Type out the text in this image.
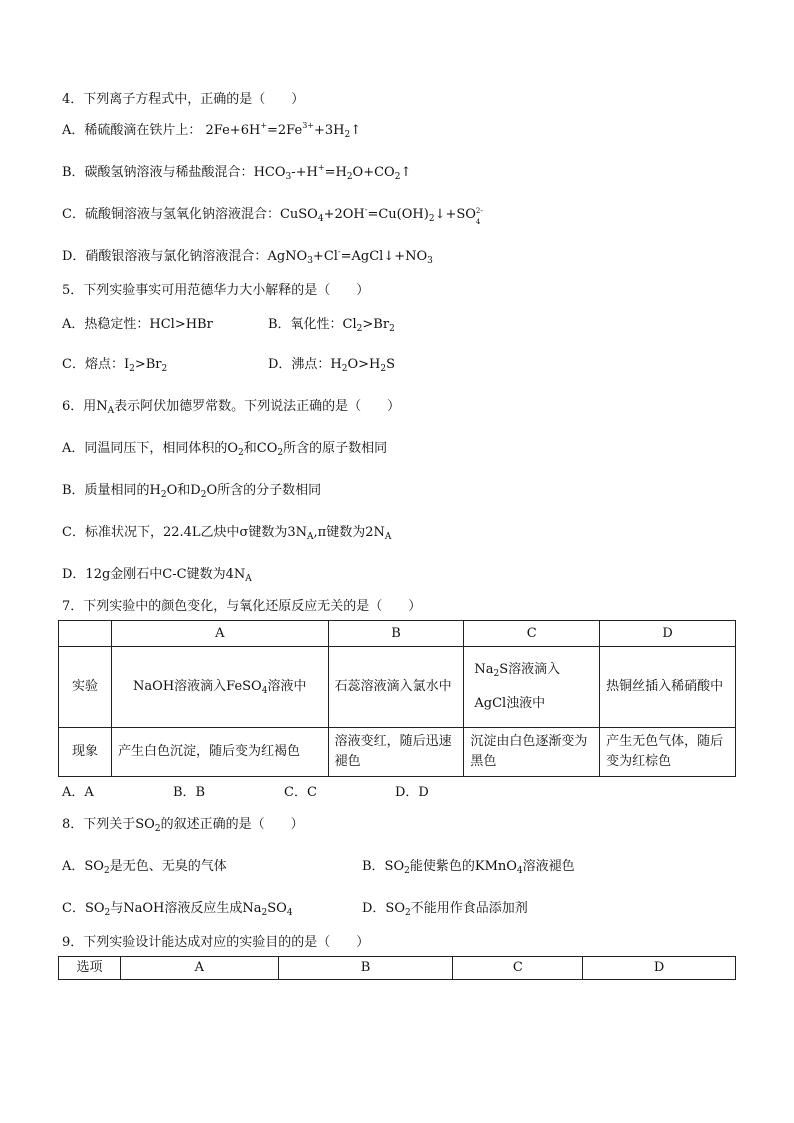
4．下列离子方程式中，正确的是（　　）
A．稀硫酸滴在铁片上： $2Fe+6H^+=2Fe^{3+}+3H_2↑$
B．碳酸氢钠溶液与稀盐酸混合：$HCO_3-+H^+=H_2O+CO_2↑$
C．硫酸铜溶液与氢氧化钠溶液混合：$CuSO_4+2OH^-=Cu(OH)_2↓+SO$ 2-
4
D．硝酸银溶液与氯化钠溶液混合：$AgNO_3+Cl^-=AgCl↓+NO_3$
5．下列实验事实可用范德华力大小解释的是（　　）
A．热稳定性：HCl>HBr	B．氧化性：$Cl_2>Br_2$
C．熔点：$I_2>Br_2$	D．沸点：$H_2O>H_2S$
6．用$N_A$表示阿伏加德罗常数。下列说法正确的是（　　）
A．同温同压下，相同体积的$O_2$和$CO_2$所含的原子数相同
B．质量相同的$H_2O$和$D_2O$所含的分子数相同
C．标准状况下，22.4L乙炔中σ键数为$3N_A,\pi$键数为$2N_A$
D．12g金刚石中C-C键数为$4N_A$
7．下列实验中的颜色变化，与氧化还原反应无关的是（　　）
	A	B	C	D
实验	NaOH溶液滴入FeSO$_4$溶液中	石蕊溶液滴入氯水中	$Na_2S$溶液滴入
AgCl浊液中	热铜丝插入稀硝酸中
现象	产生白色沉淀，随后变为红褐色	溶液变红，随后迅速褪色	沉淀由白色逐渐变为黑色	产生无色气体，随后变为红棕色
A．A	B．B	C．C	D．D
8．下列关于$SO_2$的叙述正确的是（　　）
A．$SO_2$是无色、无臭的气体	B．$SO_2$能使紫色的KMnO$_4$溶液褪色
C．$SO_2$与NaOH溶液反应生成$Na_2SO_4$	D．$SO_2$不能用作食品添加剂
9．下列实验设计能达成对应的实验目的的是（　　）
选项	A	B	C	D
